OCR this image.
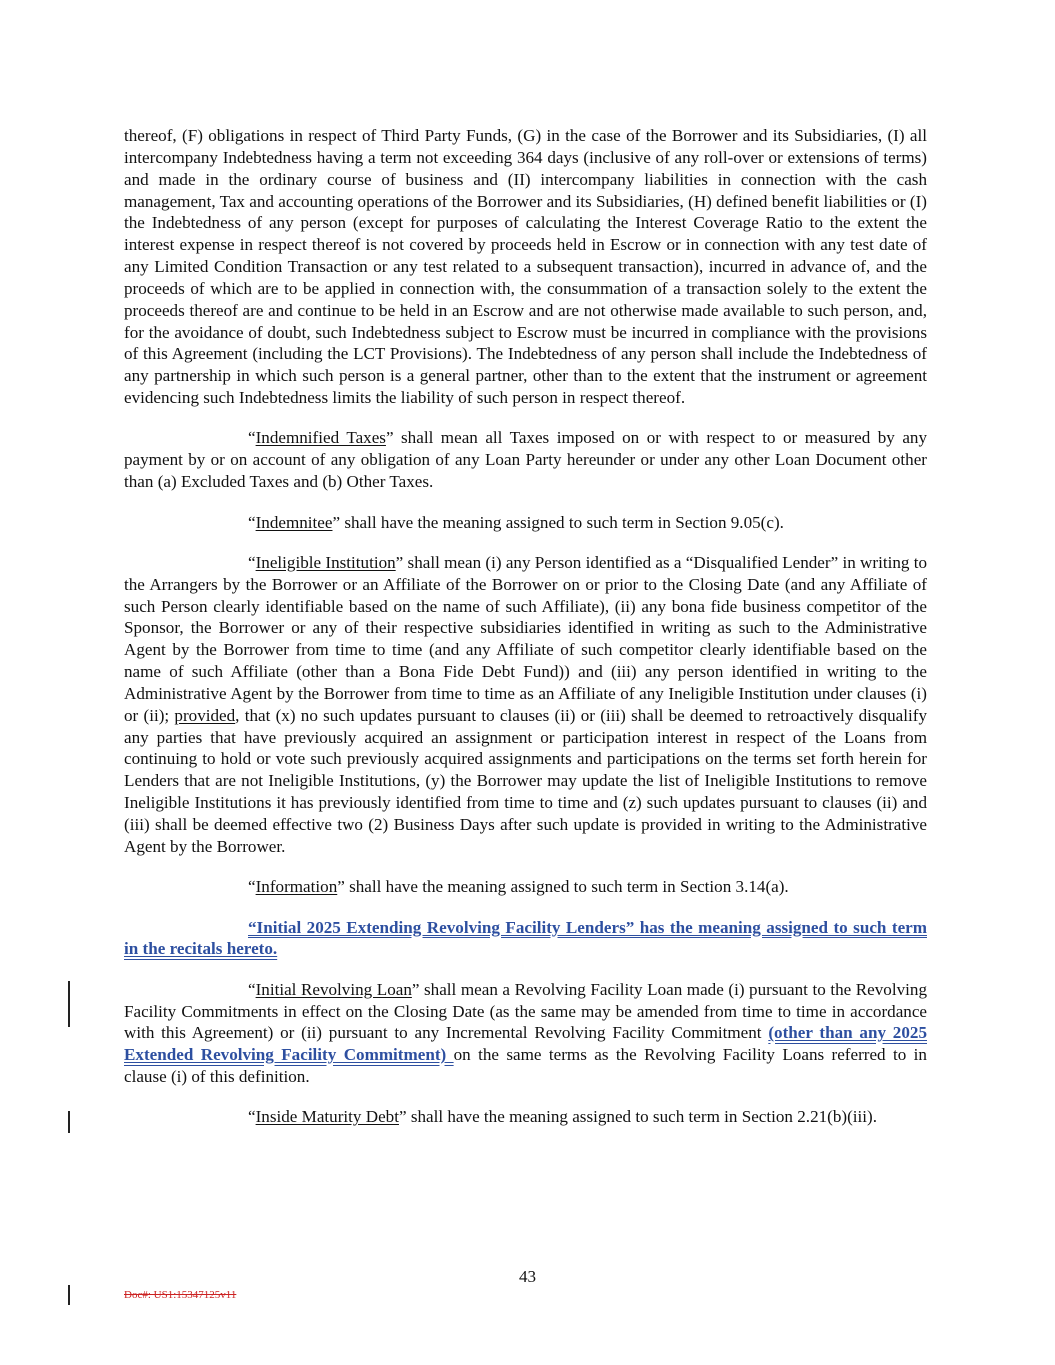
thereof, (F) obligations in respect of Third Party Funds, (G) in the case of the Borrower and its Subsidiaries, (I) all intercompany Indebtedness having a term not exceeding 364 days (inclusive of any roll-over or extensions of terms) and made in the ordinary course of business and (II) intercompany liabilities in connection with the cash management, Tax and accounting operations of the Borrower and its Subsidiaries, (H) defined benefit liabilities or (I) the Indebtedness of any person (except for purposes of calculating the Interest Coverage Ratio to the extent the interest expense in respect thereof is not covered by proceeds held in Escrow or in connection with any test date of any Limited Condition Transaction or any test related to a subsequent transaction), incurred in advance of, and the proceeds of which are to be applied in connection with, the consummation of a transaction solely to the extent the proceeds thereof are and continue to be held in an Escrow and are not otherwise made available to such person, and, for the avoidance of doubt, such Indebtedness subject to Escrow must be incurred in compliance with the provisions of this Agreement (including the LCT Provisions). The Indebtedness of any person shall include the Indebtedness of any partnership in which such person is a general partner, other than to the extent that the instrument or agreement evidencing such Indebtedness limits the liability of such person in respect thereof.

“Indemnified Taxes” shall mean all Taxes imposed on or with respect to or measured by any payment by or on account of any obligation of any Loan Party hereunder or under any other Loan Document other than (a) Excluded Taxes and (b) Other Taxes.

“Indemnitee” shall have the meaning assigned to such term in Section 9.05(c).

“Ineligible Institution” shall mean (i) any Person identified as a “Disqualified Lender” in writing to the Arrangers by the Borrower or an Affiliate of the Borrower on or prior to the Closing Date (and any Affiliate of such Person clearly identifiable based on the name of such Affiliate), (ii) any bona fide business competitor of the Sponsor, the Borrower or any of their respective subsidiaries identified in writing as such to the Administrative Agent by the Borrower from time to time (and any Affiliate of such competitor clearly identifiable based on the name of such Affiliate (other than a Bona Fide Debt Fund)) and (iii) any person identified in writing to the Administrative Agent by the Borrower from time to time as an Affiliate of any Ineligible Institution under clauses (i) or (ii); provided, that (x) no such updates pursuant to clauses (ii) or (iii) shall be deemed to retroactively disqualify any parties that have previously acquired an assignment or participation interest in respect of the Loans from continuing to hold or vote such previously acquired assignments and participations on the terms set forth herein for Lenders that are not Ineligible Institutions, (y) the Borrower may update the list of Ineligible Institutions to remove Ineligible Institutions it has previously identified from time to time and (z) such updates pursuant to clauses (ii) and (iii) shall be deemed effective two (2) Business Days after such update is provided in writing to the Administrative Agent by the Borrower.

“Information” shall have the meaning assigned to such term in Section 3.14(a).

“Initial 2025 Extending Revolving Facility Lenders” has the meaning assigned to such term in the recitals hereto.

“Initial Revolving Loan” shall mean a Revolving Facility Loan made (i) pursuant to the Revolving Facility Commitments in effect on the Closing Date (as the same may be amended from time to time in accordance with this Agreement) or (ii) pursuant to any Incremental Revolving Facility Commitment (other than any 2025 Extended Revolving Facility Commitment) on the same terms as the Revolving Facility Loans referred to in clause (i) of this definition.

“Inside Maturity Debt” shall have the meaning assigned to such term in Section 2.21(b)(iii).

43
Doc#: US1:15347125v11
